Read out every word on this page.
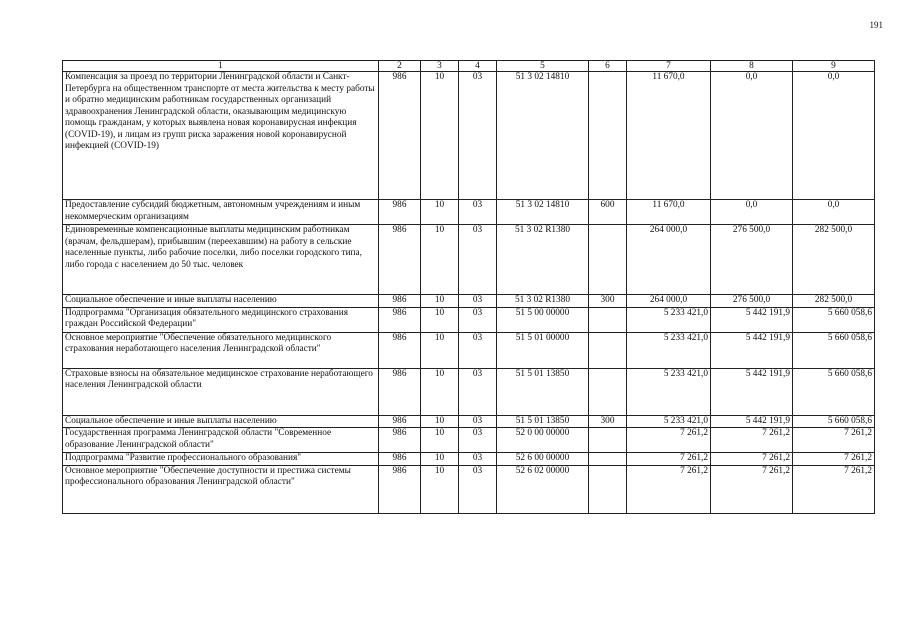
191
1	2	3	4	5	6	7	8	9
Компенсация за проезд по территории Ленинградской области и Санкт-Петербурга на общественном транспорте от места жительства к месту работы и обратно медицинским работникам государственных организаций здравоохранения Ленинградской области, оказывающим медицинскую помощь гражданам, у которых выявлена новая коронавирусная инфекция (COVID-19), и лицам из групп риска заражения новой коронавирусной инфекцией (COVID-19)	986	10	03	51 3 02 14810		11 670,0	0,0	0,0
Предоставление субсидий бюджетным, автономным учреждениям и иным некоммерческим организациям	986	10	03	51 3 02 14810	600	11 670,0	0,0	0,0
Единовременные компенсационные выплаты медицинским работникам (врачам, фельдшерам), прибывшим (переехавшим) на работу в сельские населенные пункты, либо рабочие поселки, либо поселки городского типа, либо города с населением до 50 тыс. человек	986	10	03	51 3 02 R1380		264 000,0	276 500,0	282 500,0
Социальное обеспечение и иные выплаты населению	986	10	03	51 3 02 R1380	300	264 000,0	276 500,0	282 500,0
Подпрограмма "Организация обязательного медицинского страхования граждан Российской Федерации"	986	10	03	51 5 00 00000		5 233 421,0	5 442 191,9	5 660 058,6
Основное мероприятие "Обеспечение обязательного медицинского страхования неработающего населения Ленинградской области"	986	10	03	51 5 01 00000		5 233 421,0	5 442 191,9	5 660 058,6
Страховые взносы на обязательное медицинское страхование неработающего населения Ленинградской области	986	10	03	51 5 01 13850		5 233 421,0	5 442 191,9	5 660 058,6
Социальное обеспечение и иные выплаты населению	986	10	03	51 5 01 13850	300	5 233 421,0	5 442 191,9	5 660 058,6
Государственная программа Ленинградской области "Современное образование Ленинградской области"	986	10	03	52 0 00 00000		7 261,2	7 261,2	7 261,2
Подпрограмма "Развитие профессионального образования"	986	10	03	52 6 00 00000		7 261,2	7 261,2	7 261,2
Основное мероприятие "Обеспечение доступности и престижа системы профессионального образования Ленинградской области"	986	10	03	52 6 02 00000		7 261,2	7 261,2	7 261,2
